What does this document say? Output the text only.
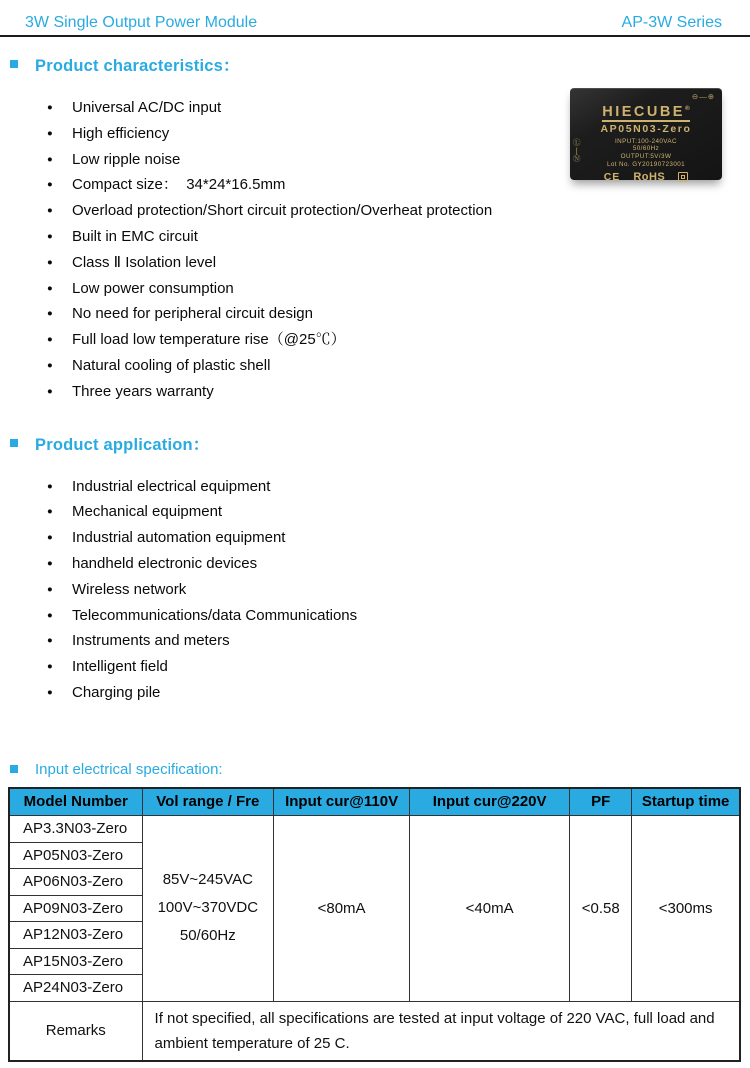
3W Single Output Power Module	AP-3W Series
Product characteristics：
● Universal AC/DC input
● High efficiency
● Low ripple noise
● Compact size：  34*24*16.5mm
● Overload protection/Short circuit protection/Overheat protection
● Built in EMC circuit
● Class Ⅱ Isolation level
● Low power consumption
● No need for peripheral circuit design
● Full load low temperature rise（@25℃）
● Natural cooling of plastic shell
● Three years warranty
⊖—⊕
Ⓛ
|
Ⓝ
HIECUBE®
AP05N03-Zero
INPUT:100-240VAC
50/60Hz
OUTPUT:5V/3W
Lot No. GY20190723001
CE RoHS
Product application：
● Industrial electrical equipment
● Mechanical equipment
● Industrial automation equipment
● handheld electronic devices
● Wireless network
● Telecommunications/data Communications
● Instruments and meters
● Intelligent field
● Charging pile
Input electrical specification:
Model Number	Vol range / Fre	Input cur@110V	Input cur@220V	PF	Startup time
AP3.3N03-Zero	85V~245VAC
100V~370VDC
50/60Hz	<80mA	<40mA	<0.58	<300ms
AP05N03-Zero					
AP06N03-Zero					
AP09N03-Zero					
AP12N03-Zero					
AP15N03-Zero					
AP24N03-Zero					
Remarks	If not specified, all specifications are tested at input voltage of 220 VAC, full load and ambient temperature of 25 C.				
